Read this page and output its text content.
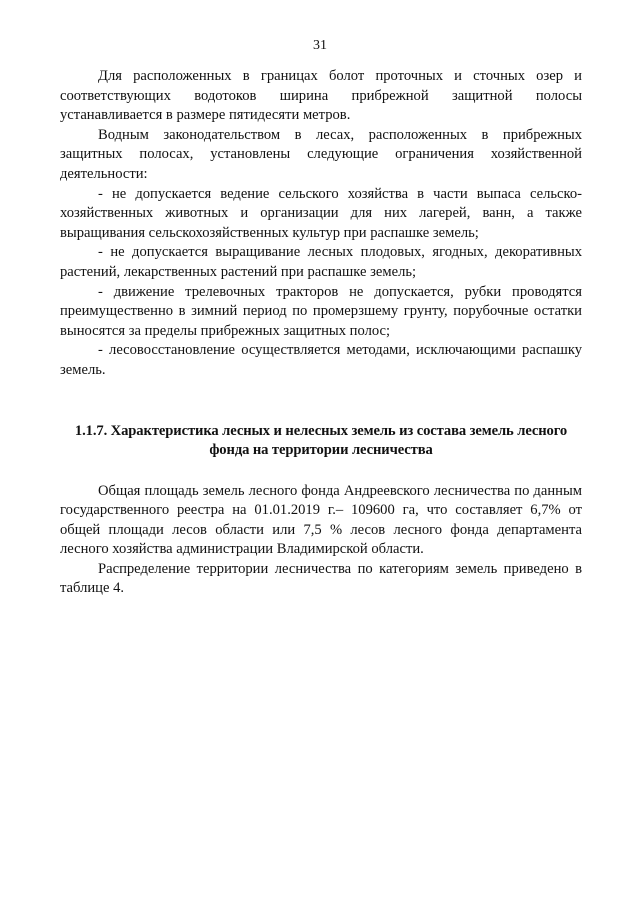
31

Для расположенных в границах болот проточных и сточных озер и соответствующих водотоков ширина прибрежной защитной полосы устанавливается в размере пятидесяти метров.

Водным законодательством в лесах, расположенных в прибрежных защитных полосах, установлены следующие ограничения хозяйственной деятельности:

- не допускается ведение сельского хозяйства в части выпаса сельско-хозяйственных животных и организации для них лагерей, ванн, а также выращивания сельскохозяйственных культур при распашке земель;

- не допускается выращивание лесных плодовых, ягодных, декоративных растений, лекарственных растений при распашке земель;

- движение трелевочных тракторов не допускается, рубки проводятся преимущественно в зимний период по промерзшему грунту, порубочные остатки выносятся за пределы прибрежных защитных полос;

- лесовосстановление осуществляется методами, исключающими распашку земель.

1.1.7. Характеристика лесных и нелесных земель из состава земель лесного
фонда на территории лесничества

Общая площадь земель лесного фонда Андреевского лесничества по данным государственного реестра на 01.01.2019 г.– 109600 га, что составляет 6,7% от общей площади лесов области или 7,5 % лесов лесного фонда департамента лесного хозяйства администрации Владимирской области.

Распределение территории лесничества по категориям земель приведено в таблице 4.
